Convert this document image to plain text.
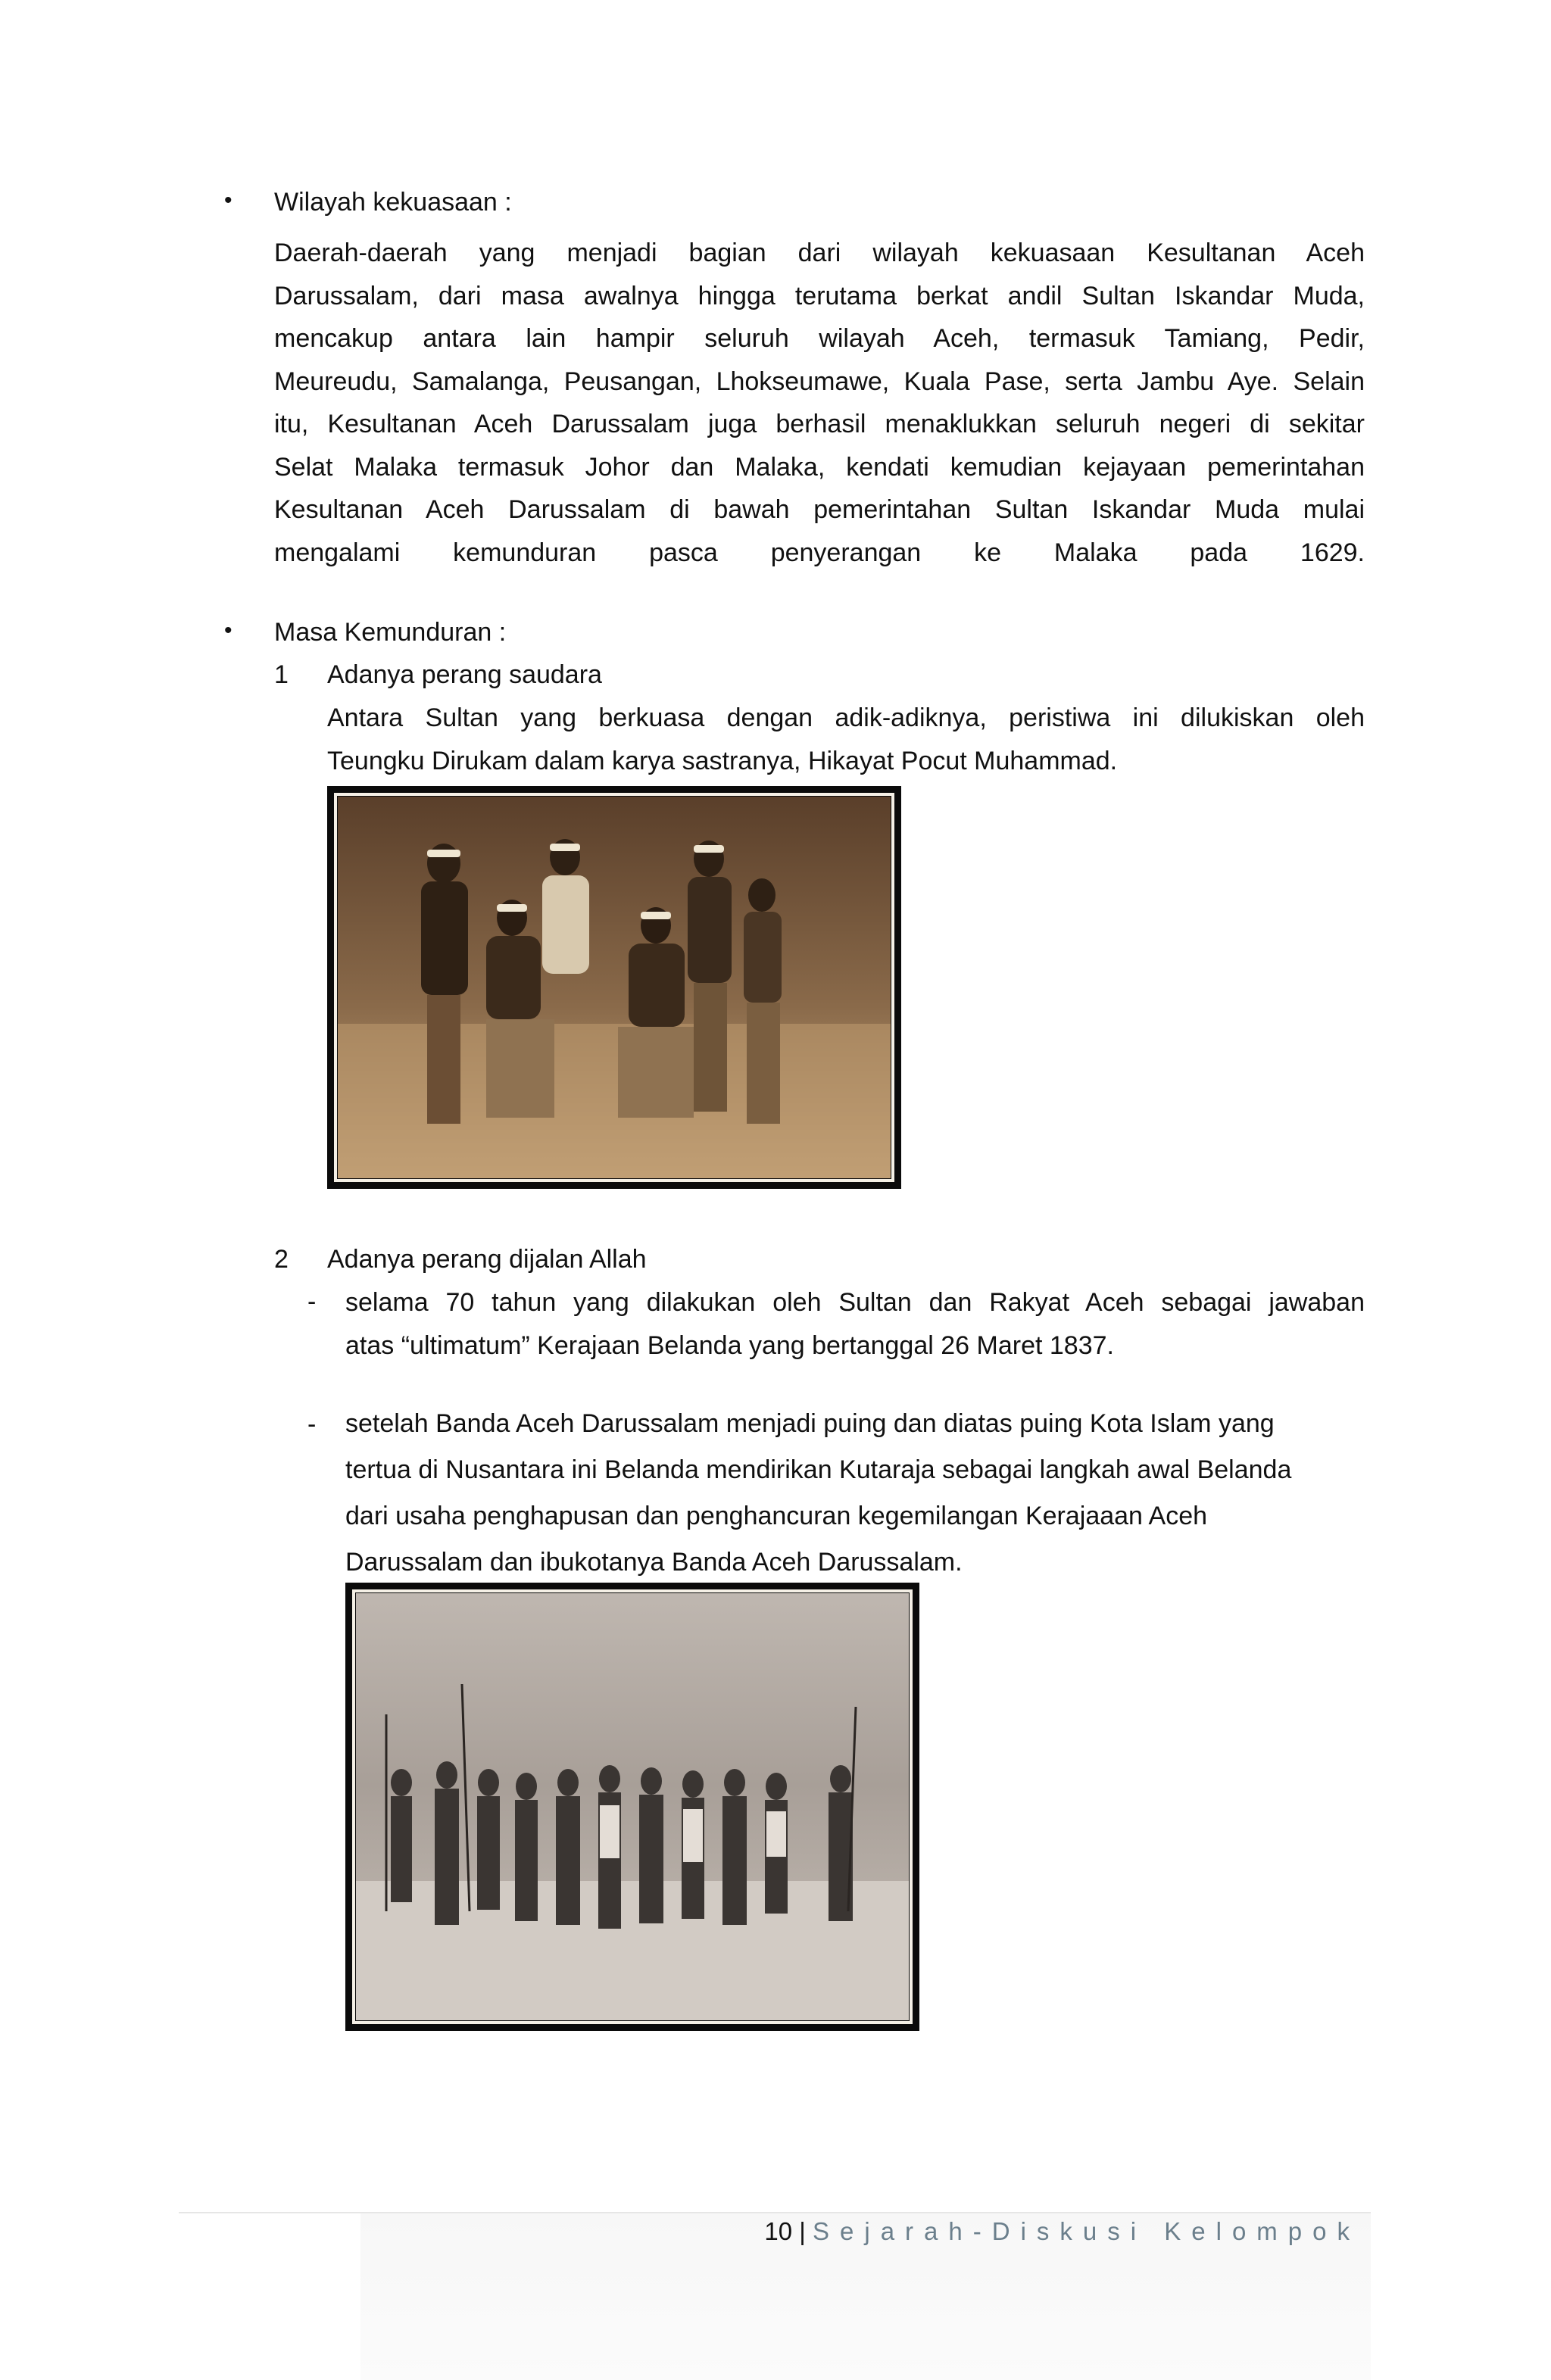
• Wilayah kekuasaan :
Daerah-daerah yang menjadi bagian dari wilayah kekuasaan Kesultanan Aceh
Darussalam, dari masa awalnya hingga terutama berkat andil Sultan Iskandar Muda,
mencakup antara lain hampir seluruh wilayah Aceh, termasuk Tamiang, Pedir,
Meureudu, Samalanga, Peusangan, Lhokseumawe, Kuala Pase, serta Jambu Aye. Selain
itu, Kesultanan Aceh Darussalam juga berhasil menaklukkan seluruh negeri di sekitar
Selat Malaka termasuk Johor dan Malaka, kendati kemudian kejayaan pemerintahan
Kesultanan Aceh Darussalam di bawah pemerintahan Sultan Iskandar Muda mulai
mengalami kemunduran pasca penyerangan ke Malaka pada 1629.
• Masa Kemunduran :
1 Adanya perang saudara
Antara Sultan yang berkuasa dengan adik-adiknya, peristiwa ini dilukiskan oleh
Teungku Dirukam dalam karya sastranya, Hikayat Pocut Muhammad.
2 Adanya perang dijalan Allah
- selama 70 tahun yang dilakukan oleh Sultan dan Rakyat Aceh sebagai jawaban
atas “ultimatum” Kerajaan Belanda yang bertanggal 26 Maret 1837.
- setelah Banda Aceh Darussalam menjadi puing dan diatas puing Kota Islam yang
tertua di Nusantara ini Belanda mendirikan Kutaraja sebagai langkah awal Belanda
dari usaha penghapusan dan penghancuran kegemilangan Kerajaaan Aceh
Darussalam dan ibukotanya Banda Aceh Darussalam.
10 | Sejarah-Diskusi Kelompok
